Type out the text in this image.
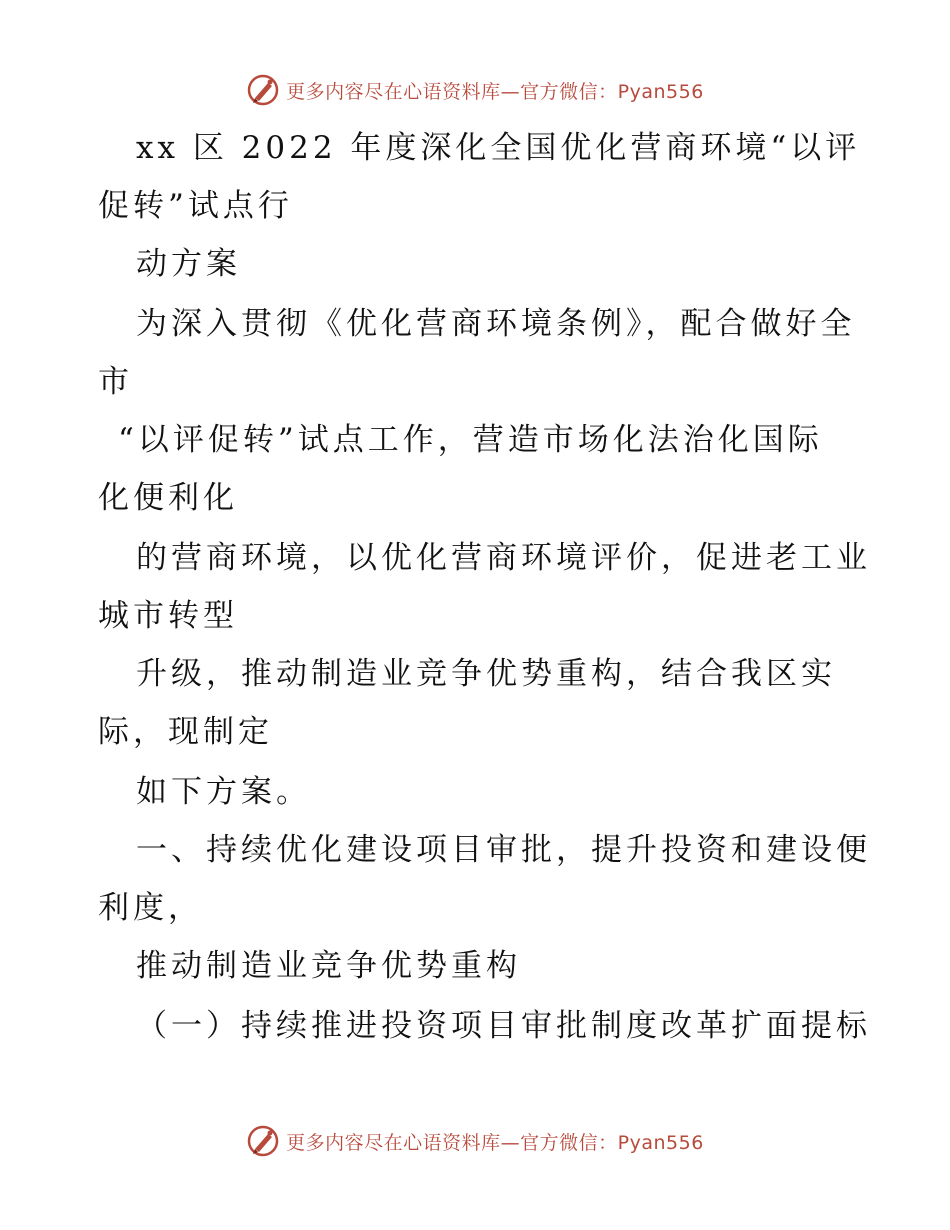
更多内容尽在心语资料库—官方微信：Pyan556
xx 区 2022 年度深化全国优化营商环境“以评
促转”试点行
动方案
为深入贯彻《优化营商环境条例》，配合做好全
市
“以评促转”试点工作，营造市场化法治化国际
化便利化
的营商环境，以优化营商环境评价，促进老工业
城市转型
升级，推动制造业竞争优势重构，结合我区实
际，现制定
如下方案。
一、持续优化建设项目审批，提升投资和建设便
利度，
推动制造业竞争优势重构
（一）持续推进投资项目审批制度改革扩面提标
更多内容尽在心语资料库—官方微信：Pyan556
